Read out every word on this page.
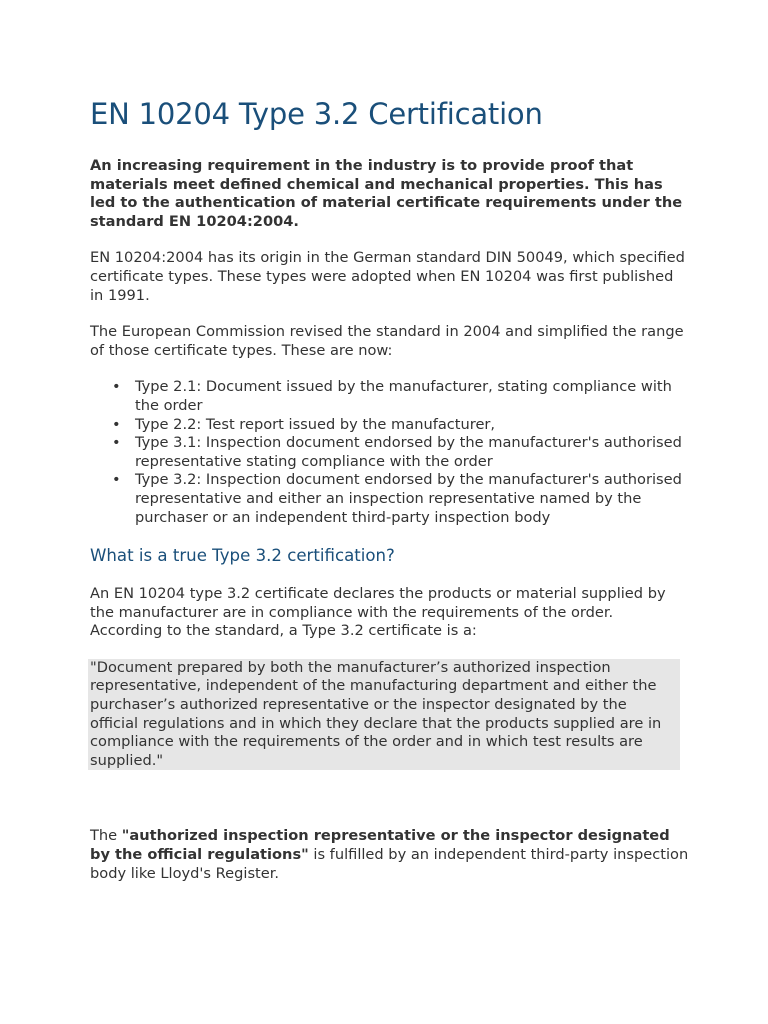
EN 10204 Type 3.2 Certification

An increasing requirement in the industry is to provide proof that materials meet defined chemical and mechanical properties. This has led to the authentication of material certificate requirements under the standard EN 10204:2004.

EN 10204:2004 has its origin in the German standard DIN 50049, which specified certificate types. These types were adopted when EN 10204 was first published in 1991.

The European Commission revised the standard in 2004 and simplified the range of those certificate types. These are now:

• Type 2.1: Document issued by the manufacturer, stating compliance with the order
• Type 2.2: Test report issued by the manufacturer,
• Type 3.1: Inspection document endorsed by the manufacturer's authorised representative stating compliance with the order
• Type 3.2: Inspection document endorsed by the manufacturer's authorised representative and either an inspection representative named by the purchaser or an independent third-party inspection body
What is a true Type 3.2 certification?

An EN 10204 type 3.2 certificate declares the products or material supplied by the manufacturer are in compliance with the requirements of the order. According to the standard, a Type 3.2 certificate is a:

"Document prepared by both the manufacturer’s authorized inspection representative, independent of the manufacturing department and either the purchaser’s authorized representative or the inspector designated by the official regulations and in which they declare that the products supplied are in compliance with the requirements of the order and in which test results are supplied."

The "authorized inspection representative or the inspector designated by the official regulations" is fulfilled by an independent third-party inspection body like Lloyd's Register.
